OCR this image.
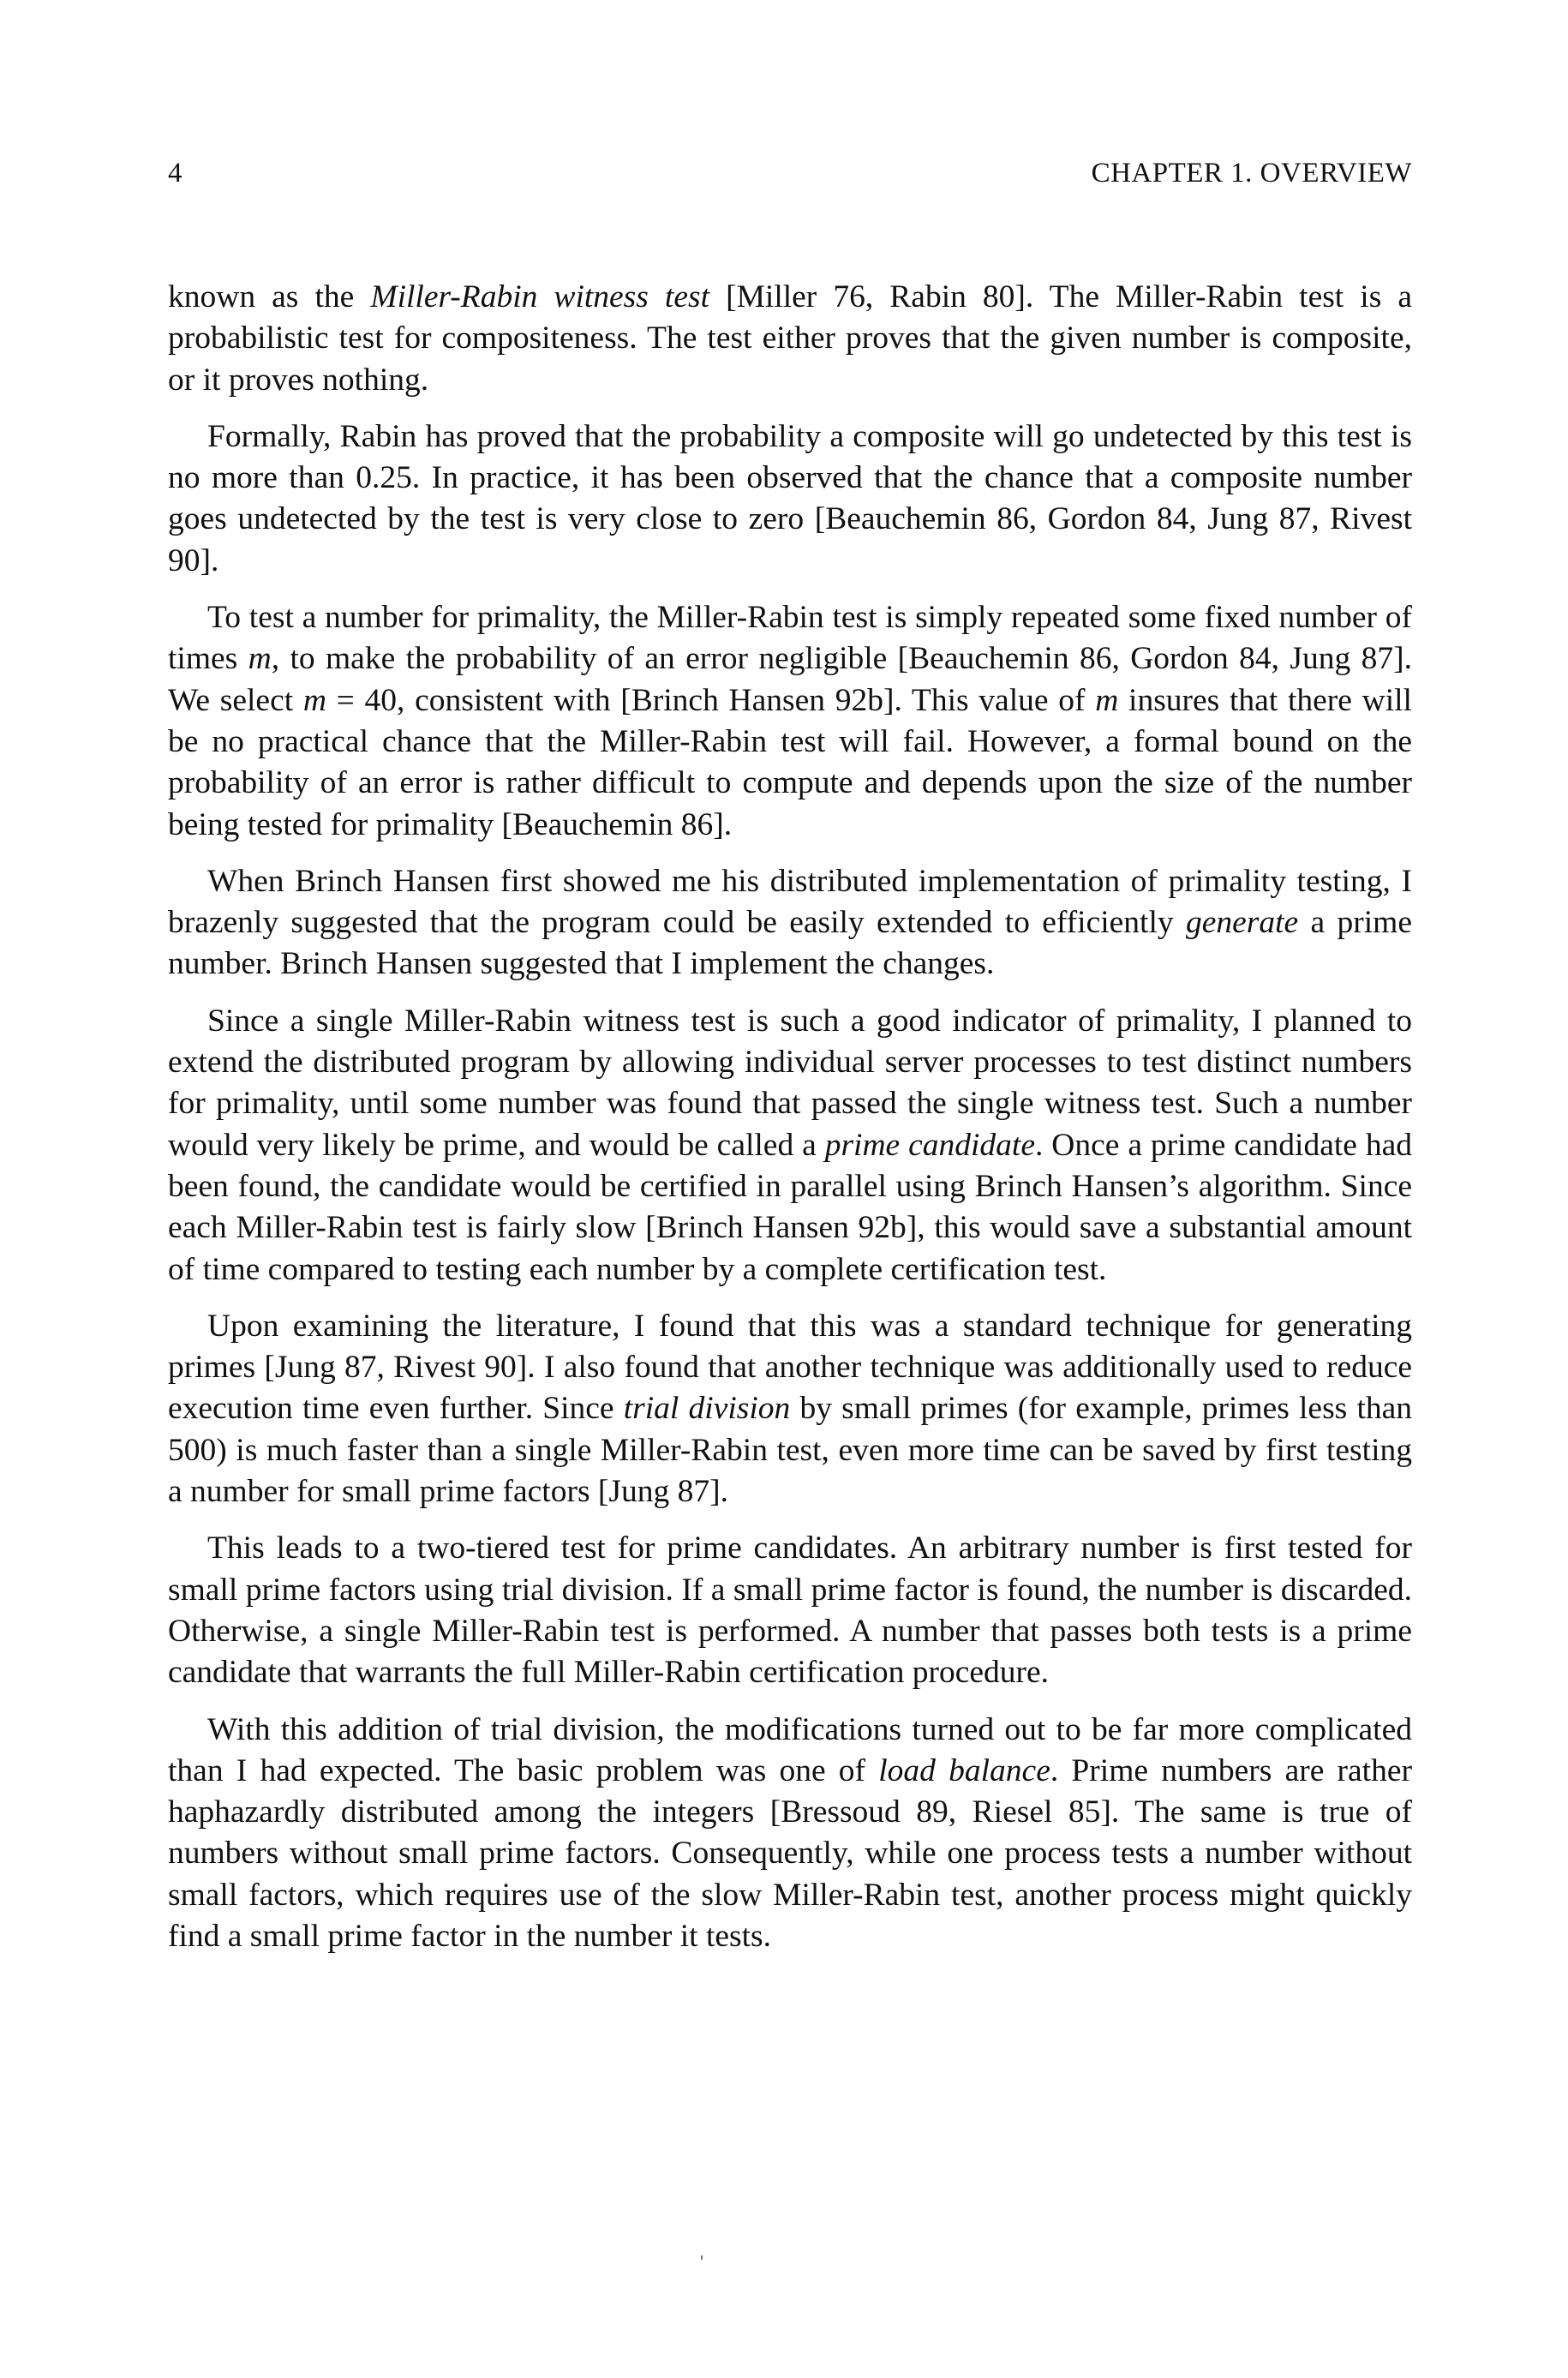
4	CHAPTER 1. OVERVIEW

known as the Miller-Rabin witness test [Miller 76, Rabin 80]. The Miller-Rabin test is a probabilistic test for compositeness. The test either proves that the given number is composite, or it proves nothing.

Formally, Rabin has proved that the probability a composite will go undetected by this test is no more than 0.25. In practice, it has been observed that the chance that a composite number goes undetected by the test is very close to zero [Beauchemin 86, Gordon 84, Jung 87, Rivest 90].

To test a number for primality, the Miller-Rabin test is simply repeated some fixed number of times m, to make the probability of an error negligible [Beauchemin 86, Gordon 84, Jung 87]. We select m = 40, consistent with [Brinch Hansen 92b]. This value of m insures that there will be no practical chance that the Miller-Rabin test will fail. However, a formal bound on the probability of an error is rather difficult to compute and depends upon the size of the number being tested for primality [Beauchemin 86].

When Brinch Hansen first showed me his distributed implementation of primality testing, I brazenly suggested that the program could be easily extended to efficiently generate a prime number. Brinch Hansen suggested that I implement the changes.

Since a single Miller-Rabin witness test is such a good indicator of primality, I planned to extend the distributed program by allowing individual server processes to test distinct numbers for primality, until some number was found that passed the single witness test. Such a number would very likely be prime, and would be called a prime candidate. Once a prime candidate had been found, the candidate would be certified in parallel using Brinch Hansen’s algorithm. Since each Miller-Rabin test is fairly slow [Brinch Hansen 92b], this would save a substantial amount of time compared to testing each number by a complete certification test.

Upon examining the literature, I found that this was a standard technique for generating primes [Jung 87, Rivest 90]. I also found that another technique was additionally used to reduce execution time even further. Since trial division by small primes (for example, primes less than 500) is much faster than a single Miller-Rabin test, even more time can be saved by first testing a number for small prime factors [Jung 87].

This leads to a two-tiered test for prime candidates. An arbitrary number is first tested for small prime factors using trial division. If a small prime factor is found, the number is discarded. Otherwise, a single Miller-Rabin test is performed. A number that passes both tests is a prime candidate that warrants the full Miller-Rabin certification procedure.

With this addition of trial division, the modifications turned out to be far more complicated than I had expected. The basic problem was one of load balance. Prime numbers are rather haphazardly distributed among the integers [Bressoud 89, Riesel 85]. The same is true of numbers without small prime factors. Consequently, while one process tests a number without small factors, which requires use of the slow Miller-Rabin test, another process might quickly find a small prime factor in the number it tests.
